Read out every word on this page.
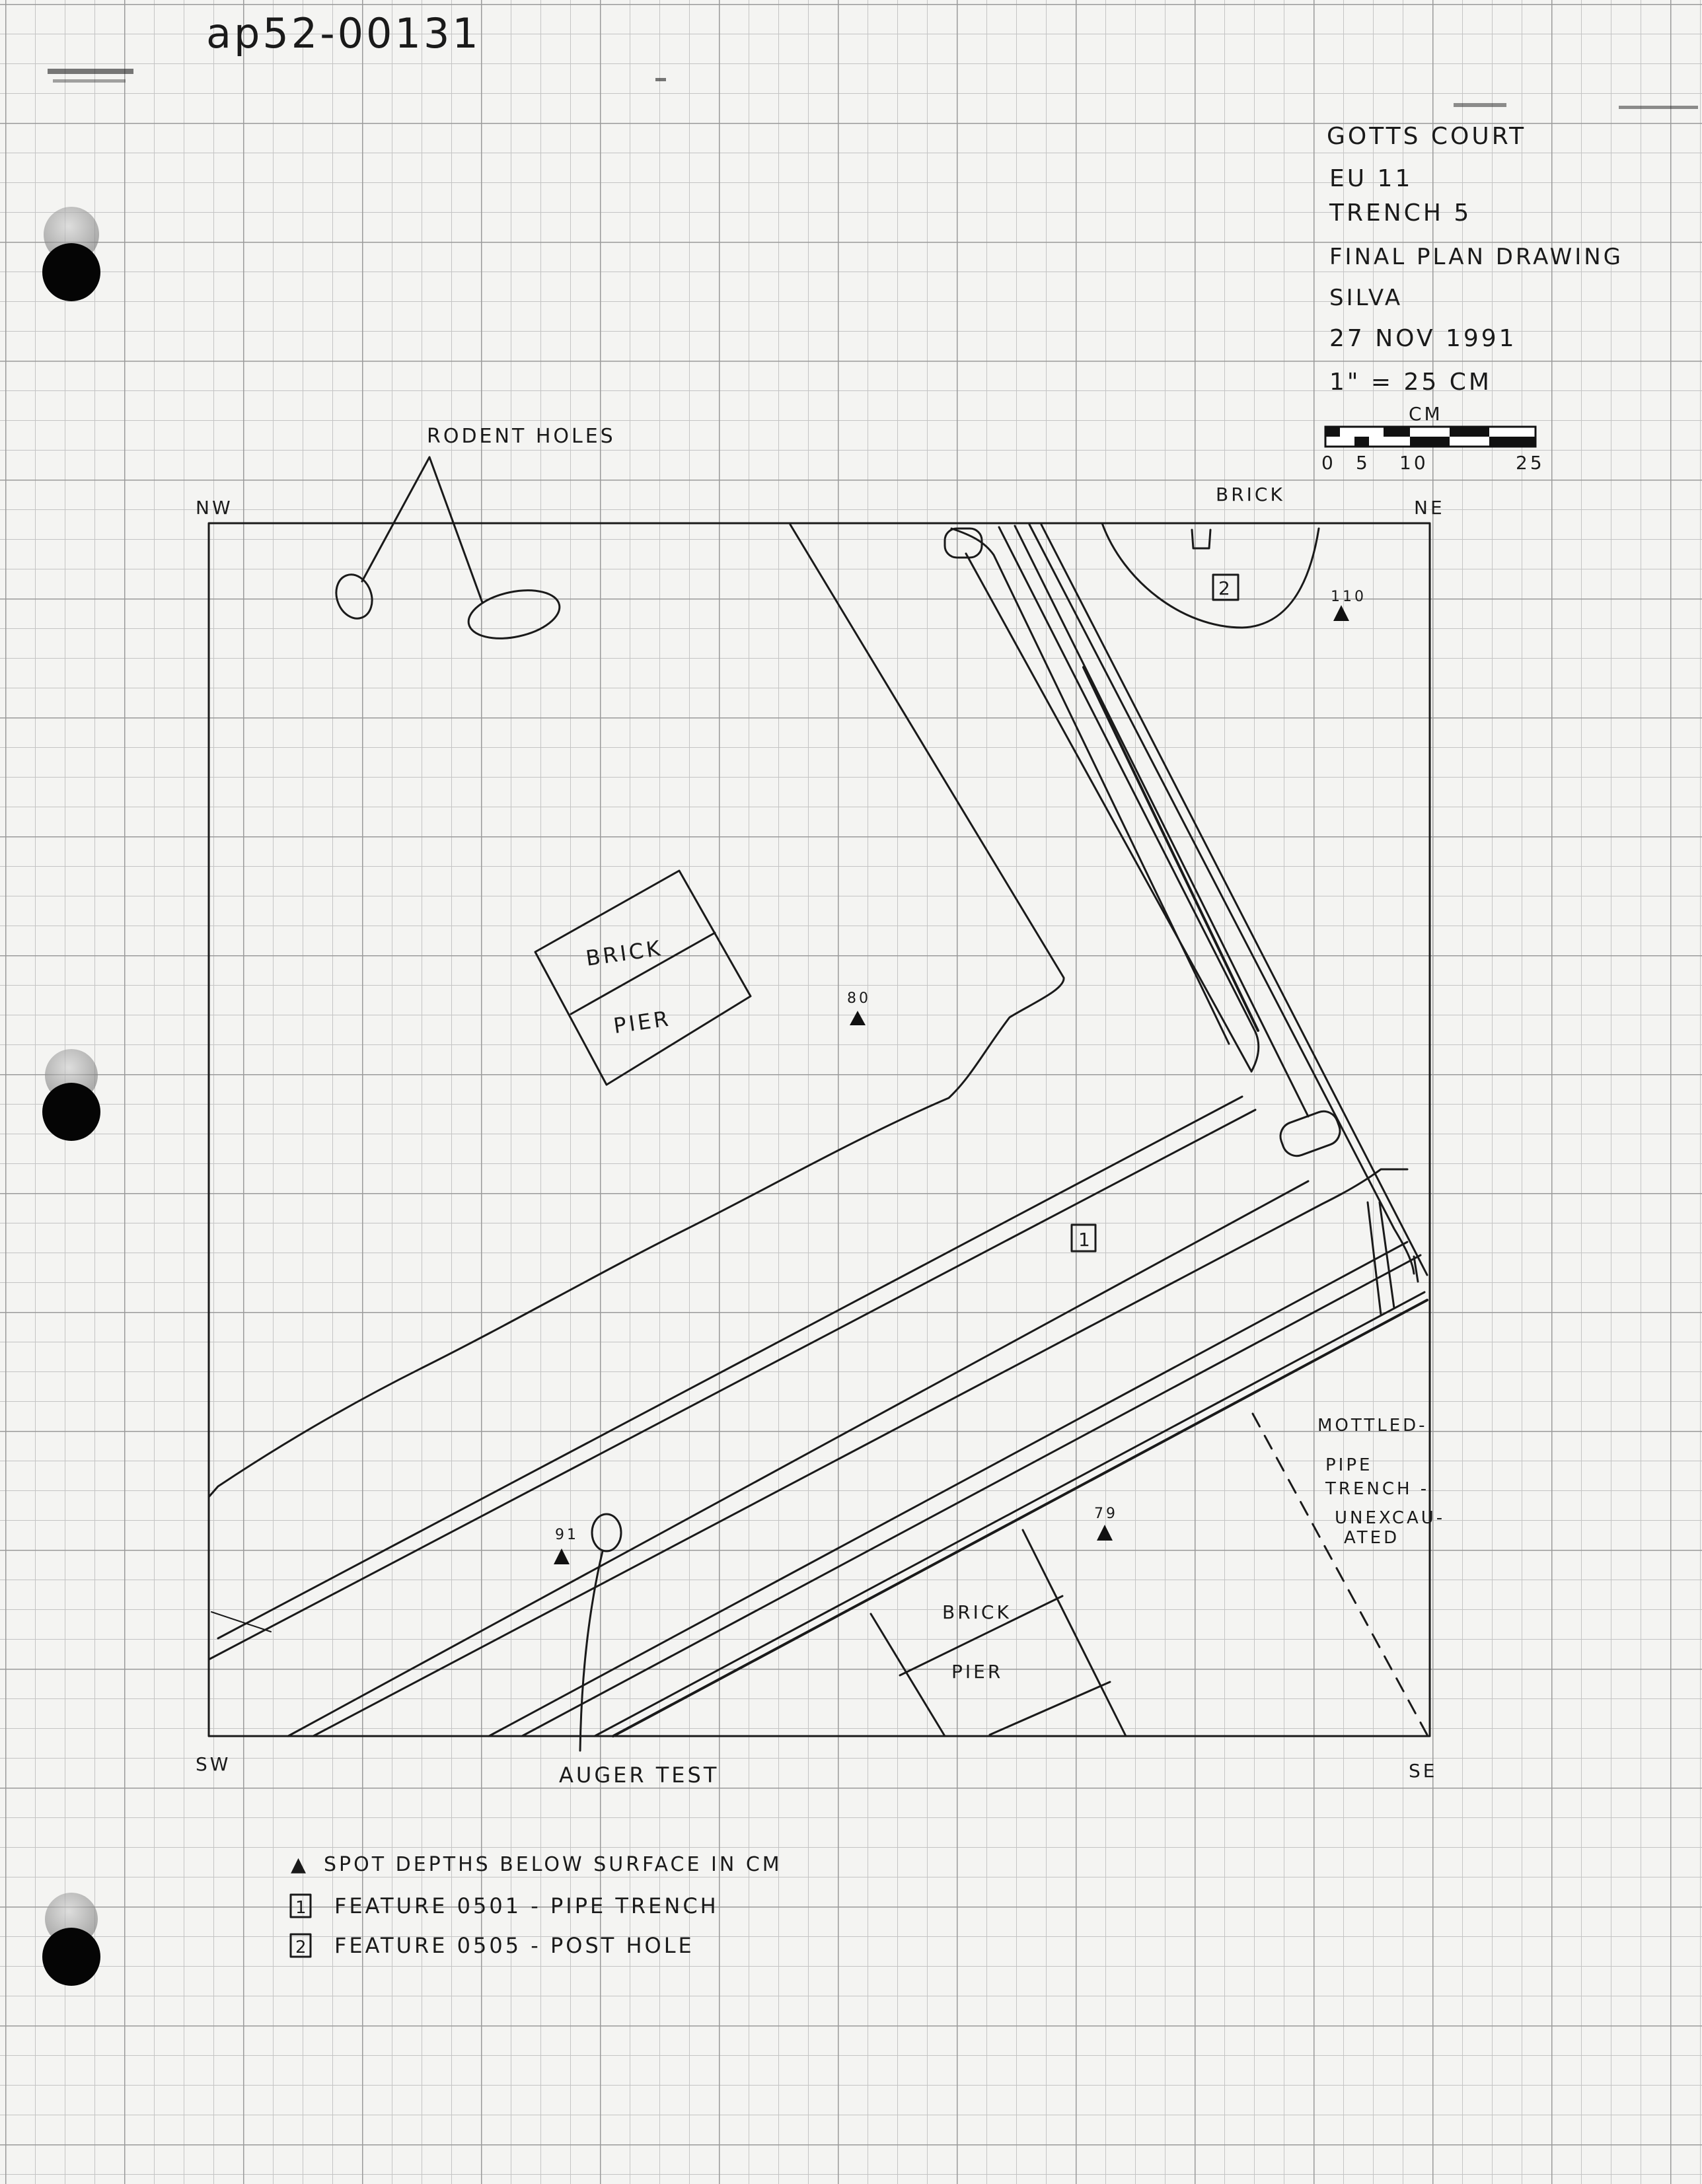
ap52-00131
GOTTS COURT
EU 11
TRENCH 5
FINAL PLAN DRAWING
SILVA
27 NOV 1991
1" = 25 CM
CM
0 5 10	25
NW	NE
SW	SE
RODENT HOLES
BRICK
2
BRICK
PIER
BRICK
PIER
1
AUGER TEST
MOTTLED-
PIPE
TRENCH -
UNEXCAU-
ATED
110
80
91
79
▲ SPOT DEPTHS BELOW SURFACE IN CM
1 FEATURE 0501 - PIPE TRENCH
2 FEATURE 0505 - POST HOLE
